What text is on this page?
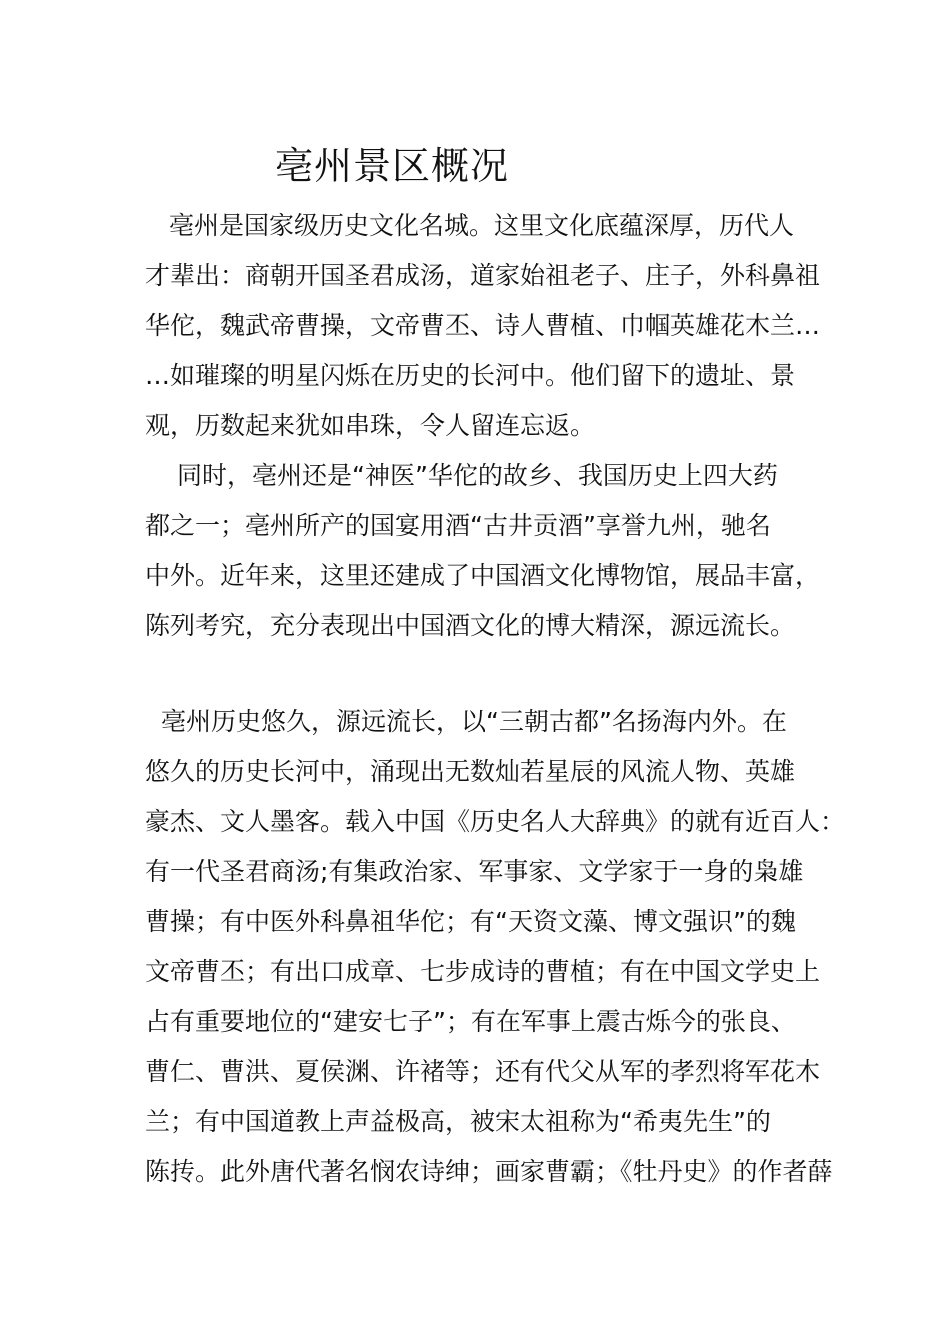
亳州景区概况
亳州是国家级历史文化名城。这里文化底蕴深厚，历代人
才辈出：商朝开国圣君成汤，道家始祖老子、庄子，外科鼻祖
华佗，魏武帝曹操，文帝曹丕、诗人曹植、巾帼英雄花木兰…
…如璀璨的明星闪烁在历史的长河中。他们留下的遗址、景
观，历数起来犹如串珠，令人留连忘返。
同时，亳州还是“神医”华佗的故乡、我国历史上四大药
都之一；亳州所产的国宴用酒“古井贡酒”享誉九州，驰名
中外。近年来，这里还建成了中国酒文化博物馆，展品丰富，
陈列考究，充分表现出中国酒文化的博大精深，源远流长。
亳州历史悠久，源远流长，以“三朝古都”名扬海内外。在
悠久的历史长河中，涌现出无数灿若星辰的风流人物、英雄
豪杰、文人墨客。载入中国《历史名人大辞典》的就有近百人：
有一代圣君商汤;有集政治家、军事家、文学家于一身的枭雄
曹操；有中医外科鼻祖华佗；有“天资文藻、博文强识”的魏
文帝曹丕；有出口成章、七步成诗的曹植；有在中国文学史上
占有重要地位的“建安七子”；有在军事上震古烁今的张良、
曹仁、曹洪、夏侯渊、许褚等；还有代父从军的孝烈将军花木
兰；有中国道教上声益极高，被宋太祖称为“希夷先生”的
陈抟。此外唐代著名悯农诗绅；画家曹霸；《牡丹史》的作者薛
